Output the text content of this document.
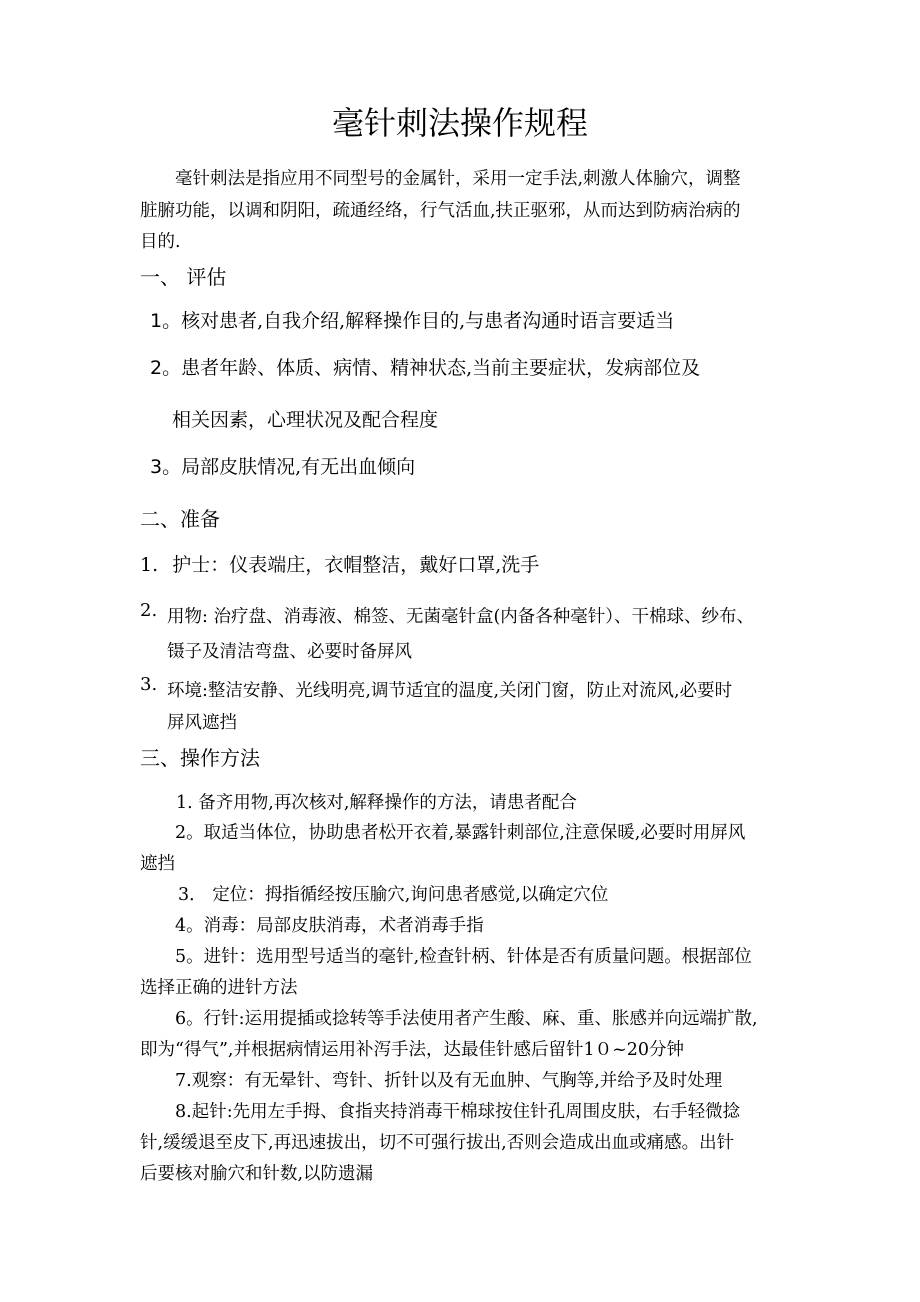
毫针刺法操作规程
毫针刺法是指应用不同型号的金属针，采用一定手法,刺激人体腧穴，调整
脏腑功能，以调和阴阳，疏通经络，行气活血,扶正驱邪，从而达到防病治病的
目的.
一、 评估
1。核对患者,自我介绍,解释操作目的,与患者沟通时语言要适当
2。患者年龄、体质、病情、精神状态,当前主要症状，发病部位及
相关因素，心理状况及配合程度
3。局部皮肤情况,有无出血倾向
二、准备
1. 护士：仪表端庄，衣帽整洁，戴好口罩,洗手
2. 用物: 治疗盘、消毒液、棉签、无菌毫针盒(内备各种毫针）、干棉球、纱布、
镊子及清洁弯盘、必要时备屏风
3. 环境:整洁安静、光线明亮,调节适宜的温度,关闭门窗，防止对流风,必要时
屏风遮挡
三、操作方法
1. 备齐用物,再次核对,解释操作的方法，请患者配合
2。取适当体位，协助患者松开衣着,暴露针刺部位,注意保暖,必要时用屏风
遮挡
3． 定位：拇指循经按压腧穴,询问患者感觉,以确定穴位
4。消毒：局部皮肤消毒，术者消毒手指
5。进针：选用型号适当的毫针,检查针柄、针体是否有质量问题。根据部位
选择正确的进针方法
6。行针:运用提插或捻转等手法使用者产生酸、麻、重、胀感并向远端扩散,
即为“得气”,并根据病情运用补泻手法，达最佳针感后留针1０~20分钟
7.观察：有无晕针、弯针、折针以及有无血肿、气胸等,并给予及时处理
8.起针:先用左手拇、食指夹持消毒干棉球按住针孔周围皮肤，右手轻微捻
针,缓缓退至皮下,再迅速拔出，切不可强行拔出,否则会造成出血或痛感。出针
后要核对腧穴和针数,以防遗漏
